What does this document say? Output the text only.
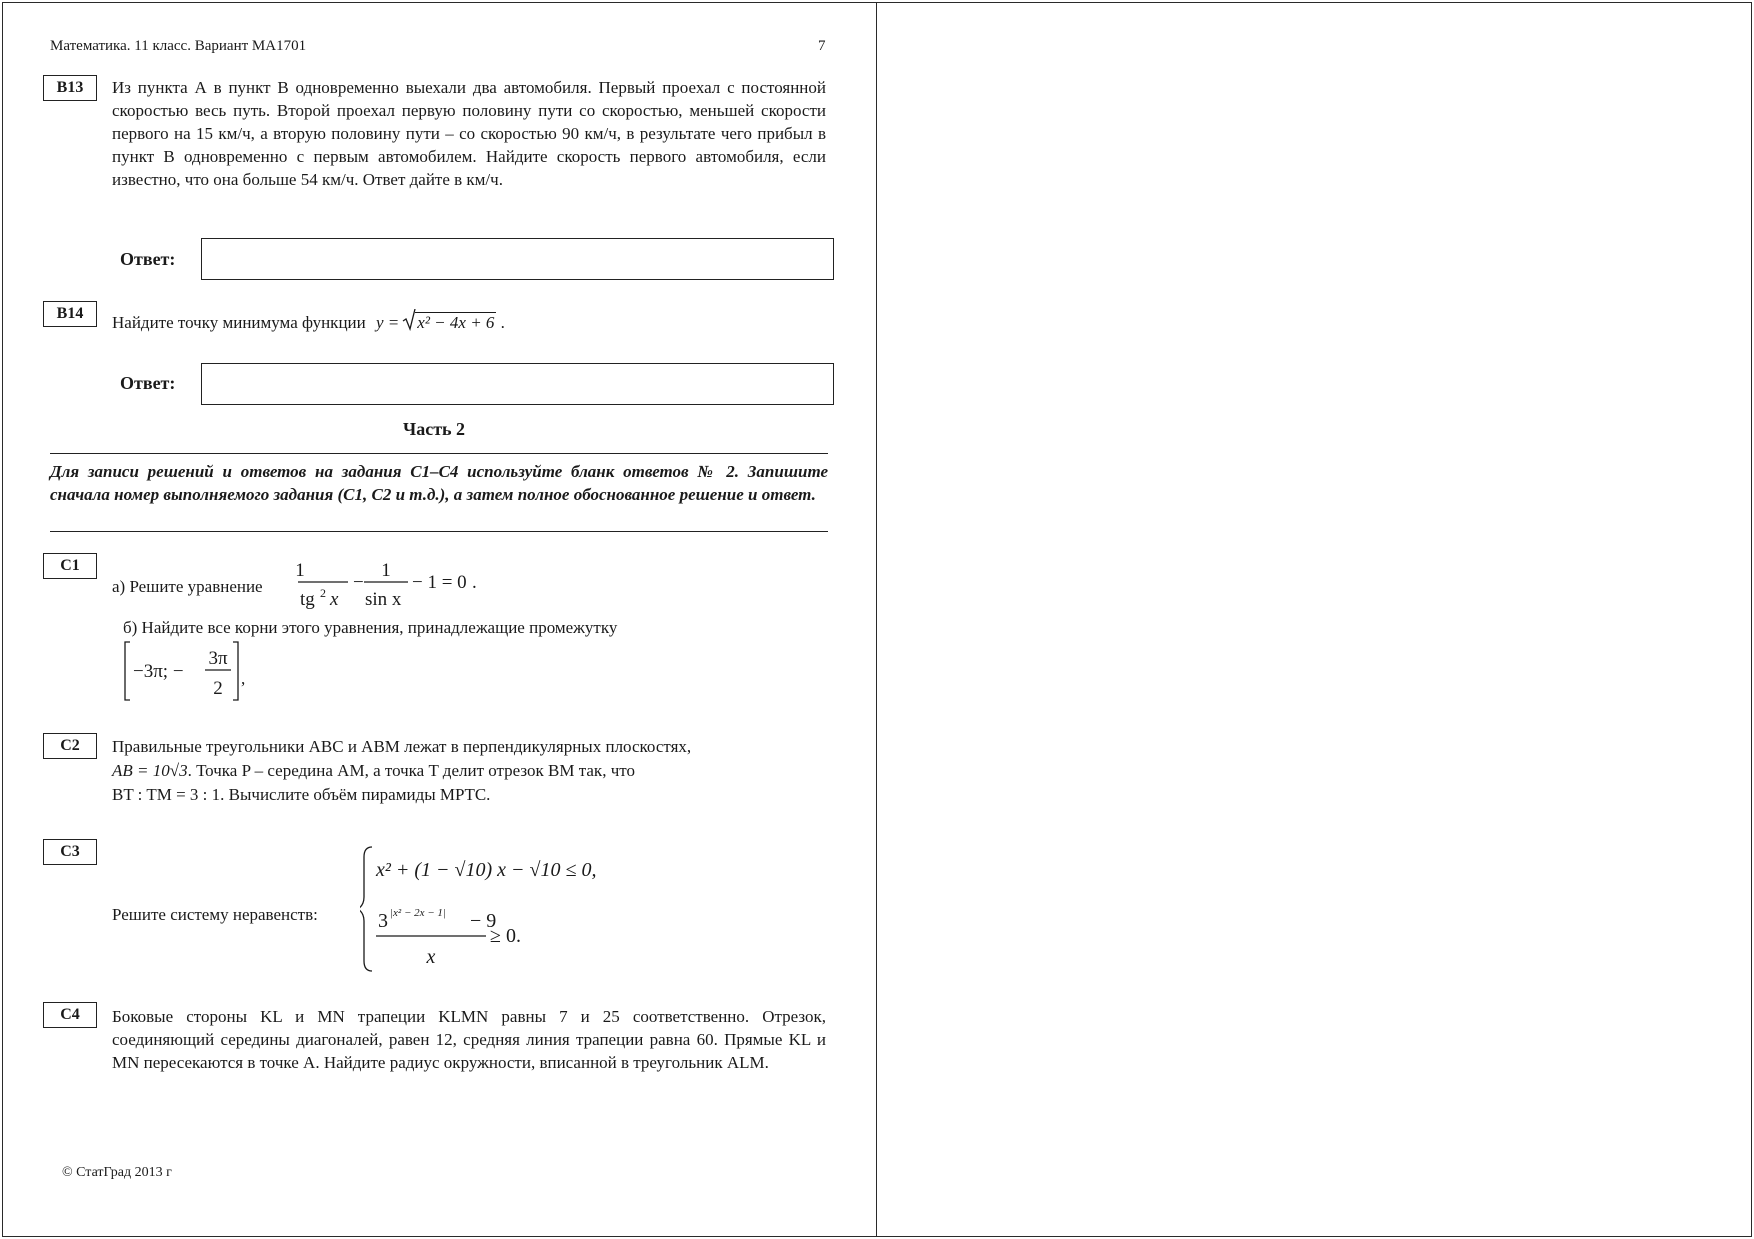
Математика. 11 класс. Вариант МА1701	7
B13	Из пункта А в пункт В одновременно выехали два автомобиля. Первый проехал с постоянной скоростью весь путь. Второй проехал первую половину пути со скоростью, меньшей скорости первого на 15 км/ч, а вторую половину пути – со скоростью 90 км/ч, в результате чего прибыл в пункт В одновременно с первым автомобилем. Найдите скорость первого автомобиля, если известно, что она больше 54 км/ч. Ответ дайте в км/ч.
Ответ:
B14	Найдите точку минимума функции y = x² − 4x + 6 .
Ответ:
Часть 2
Для записи решений и ответов на задания С1–С4 используйте бланк ответов № 2. Запишите сначала номер выполняемого задания (С1, С2 и т.д.), а затем полное обоснованное решение и ответ.
C1
а) Решите уравнение
1
tg 2 x
−
1
sin x
− 1 = 0 .
б) Найдите все корни этого уравнения, принадлежащие промежутку
−3π; −
3π
2 ,
C2	Правильные треугольники ABC и ABM лежат в перпендикулярных плоскостях,
AB = 10√3. Точка P – середина AM, а точка T делит отрезок BM так, что
BT : TM = 3 : 1. Вычислите объём пирамиды MPTC.
C3
Решите систему неравенств:
x² + (1 − √10) x − √10 ≤ 0,
3 |x² − 2x − 1| − 9
x
≥ 0.
C4	Боковые стороны KL и MN трапеции KLMN равны 7 и 25 соответственно. Отрезок, соединяющий середины диагоналей, равен 12, средняя линия трапеции равна 60. Прямые KL и MN пересекаются в точке A. Найдите радиус окружности, вписанной в треугольник ALM.
© СтатГрад 2013 г
